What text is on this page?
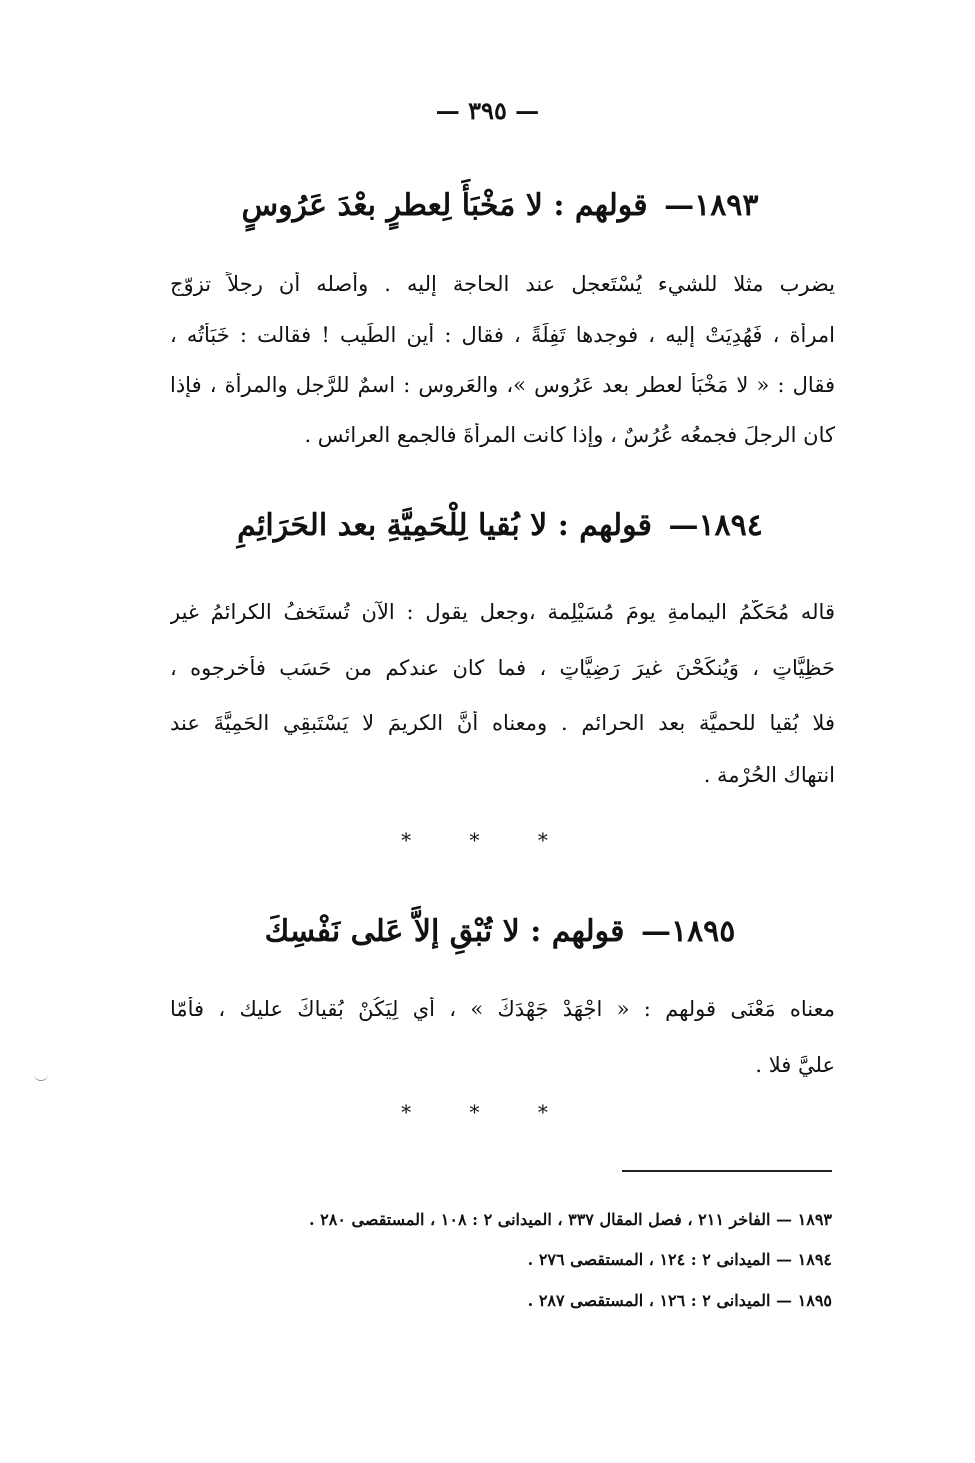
— ٣٩٥ —
١٨٩٣— قولهم : لا مَخْبَأَ لِعطرٍ بعْدَ عَرُوسٍ
يضرب مثلا للشيء يُسْتَعجل عند الحاجة إليه . وأصله أن رجلاً تزوّج
امرأة ، فَهُدِيَتْ إليه ، فوجدها تَفِلَةً ، فقال : أين الطِّيب ! فقالت : خَبَأْتُه ،
فقال : « لا مَخْبَأَ لعطرٍ بعد عَرُوسٍ »، والعَروس : اسمٌ للرَّجل والمرأة ، فإذا
كان الرجلَ فجمعُه عُرُسٌ ، وإذا كانت المرأةَ فالجمع العرائس .
١٨٩٤— قولهم : لا بُقيا لِلْحَمِيَّةِ بعد الحَرَائِمِ
قاله مُحَكَّمُ اليمامةِ يومَ مُسَيْلِمة ،وجعل يقول : الآن تُستَخفُ الكرائمُ غير
حَظِيَّاتٍ ، وَيُنكَحْنَ غيرَ رَضِيَّاتٍ ، فما كان عندكم من حَسَبٍ فأخرِجوه ،
فلا بُقيا للحميَّة بعد الحرائم . ومعناه أنَّ الكريمَ لا يَسْتَبقِي الحَمِيَّةَ عند
انتهاك الحُرْمة .
* * *
١٨٩٥— قولهم : لا تُبْقِ إلاَّ عَلى نَفْسِكَ
معناه مَعْنَى قولهم : « اجْهَدْ جَهْدَكَ » ، أي لِيَكُنْ بُقياكَ عليك ، فأمّا
عليَّ فلا .
* * *
١٨٩٣ — الفاخر ٢١١ ، فصل المقال ٣٣٧ ، الميدانى ٢ : ١٠٨ ، المستقصى ٢٨٠ .
١٨٩٤ — الميدانى ٢ : ١٢٤ ، المستقصى ٢٧٦ .
١٨٩٥ — الميدانى ٢ : ١٢٦ ، المستقصى ٢٨٧ .
